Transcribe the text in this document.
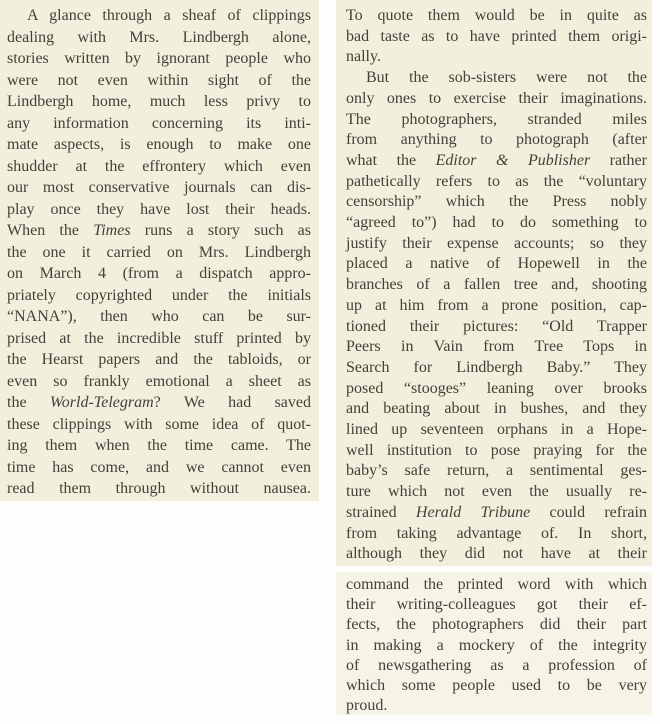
A glance through a sheaf of clippings
dealing with Mrs. Lindbergh alone,
stories written by ignorant people who
were not even within sight of the
Lindbergh home, much less privy to
any information concerning its inti-
mate aspects, is enough to make one
shudder at the effrontery which even
our most conservative journals can dis-
play once they have lost their heads.
When the Times runs a story such as
the one it carried on Mrs. Lindbergh
on March 4 (from a dispatch appro-
priately copyrighted under the initials
“NANA”), then who can be sur-
prised at the incredible stuff printed by
the Hearst papers and the tabloids, or
even so frankly emotional a sheet as
the World-Telegram? We had saved
these clippings with some idea of quot-
ing them when the time came. The
time has come, and we cannot even
read them through without nausea.
To quote them would be in quite as
bad taste as to have printed them origi-
nally.
But the sob-sisters were not the
only ones to exercise their imaginations.
The photographers, stranded miles
from anything to photograph (after
what the Editor & Publisher rather
pathetically refers to as the “voluntary
censorship” which the Press nobly
“agreed to”) had to do something to
justify their expense accounts; so they
placed a native of Hopewell in the
branches of a fallen tree and, shooting
up at him from a prone position, cap-
tioned their pictures: “Old Trapper
Peers in Vain from Tree Tops in
Search for Lindbergh Baby.” They
posed “stooges” leaning over brooks
and beating about in bushes, and they
lined up seventeen orphans in a Hope-
well institution to pose praying for the
baby’s safe return, a sentimental ges-
ture which not even the usually re-
strained Herald Tribune could refrain
from taking advantage of. In short,
although they did not have at their
command the printed word with which
their writing-colleagues got their ef-
fects, the photographers did their part
in making a mockery of the integrity
of newsgathering as a profession of
which some people used to be very
proud.
